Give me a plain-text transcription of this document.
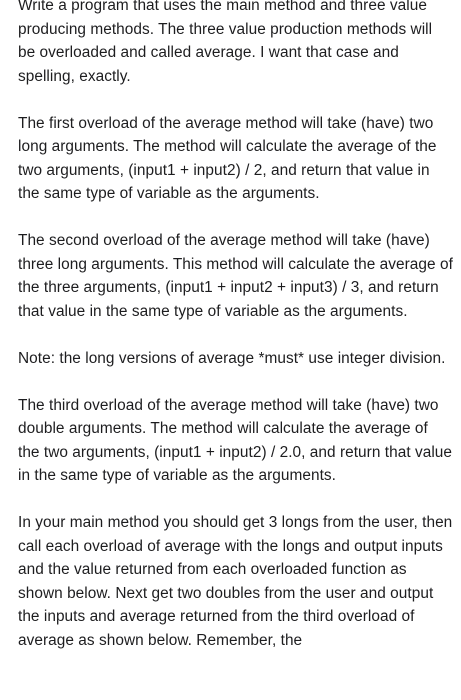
Write a program that uses the main method and three value producing methods. The three value production methods will be overloaded and called average. I want that case and spelling, exactly.

The first overload of the average method will take (have) two long arguments. The method will calculate the average of the two arguments, (input1 + input2) / 2, and return that value in the same type of variable as the arguments.

The second overload of the average method will take (have) three long arguments. This method will calculate the average of the three arguments, (input1 + input2 + input3) / 3, and return that value in the same type of variable as the arguments.

Note: the long versions of average *must* use integer division.

The third overload of the average method will take (have) two double arguments. The method will calculate the average of the two arguments, (input1 + input2) / 2.0, and return that value in the same type of variable as the arguments.

In your main method you should get 3 longs from the user, then call each overload of average with the longs and output inputs and the value returned from each overloaded function as shown below. Next get two doubles from the user and output the inputs and average returned from the third overload of average as shown below. Remember, the
